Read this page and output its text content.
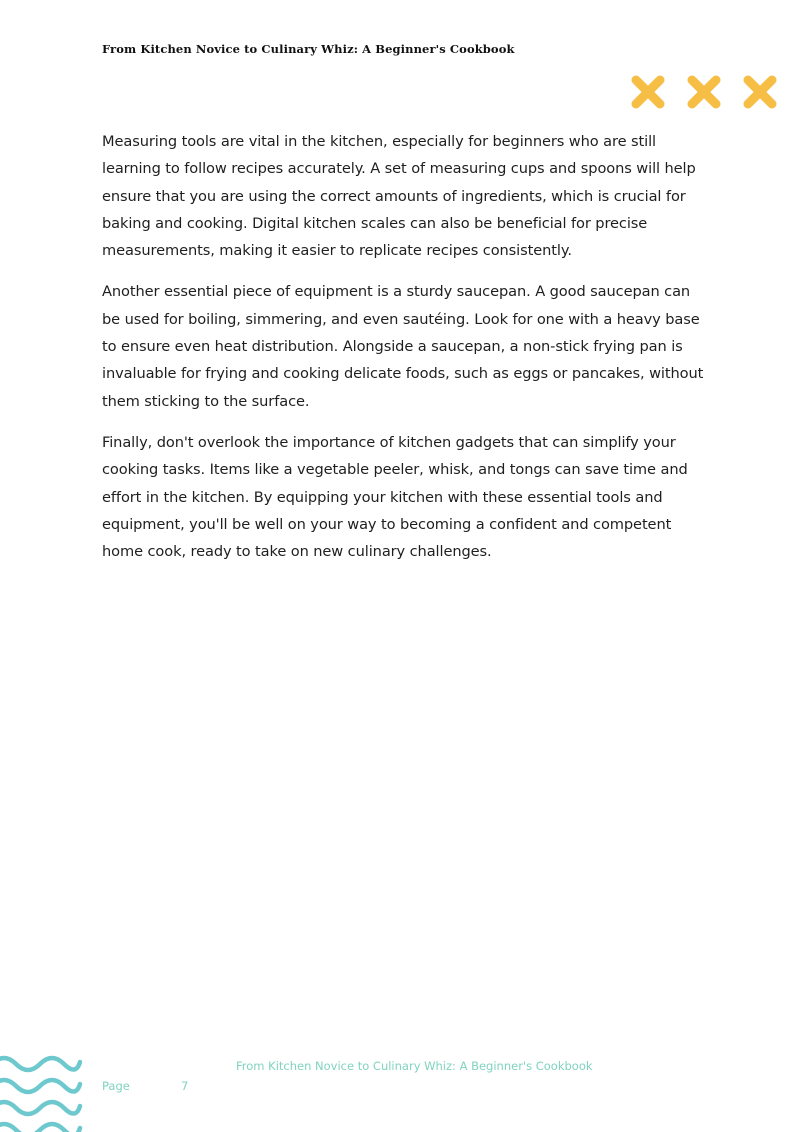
From Kitchen Novice to Culinary Whiz: A Beginner's Cookbook

Measuring tools are vital in the kitchen, especially for beginners who are still learning to follow recipes accurately. A set of measuring cups and spoons will help ensure that you are using the correct amounts of ingredients, which is crucial for baking and cooking. Digital kitchen scales can also be beneficial for precise measurements, making it easier to replicate recipes consistently.

Another essential piece of equipment is a sturdy saucepan. A good saucepan can be used for boiling, simmering, and even sautéing. Look for one with a heavy base to ensure even heat distribution. Alongside a saucepan, a non-stick frying pan is invaluable for frying and cooking delicate foods, such as eggs or pancakes, without them sticking to the surface.

Finally, don't overlook the importance of kitchen gadgets that can simplify your cooking tasks. Items like a vegetable peeler, whisk, and tongs can save time and effort in the kitchen. By equipping your kitchen with these essential tools and equipment, you'll be well on your way to becoming a confident and competent home cook, ready to take on new culinary challenges.

From Kitchen Novice to Culinary Whiz: A Beginner's Cookbook
Page	7
